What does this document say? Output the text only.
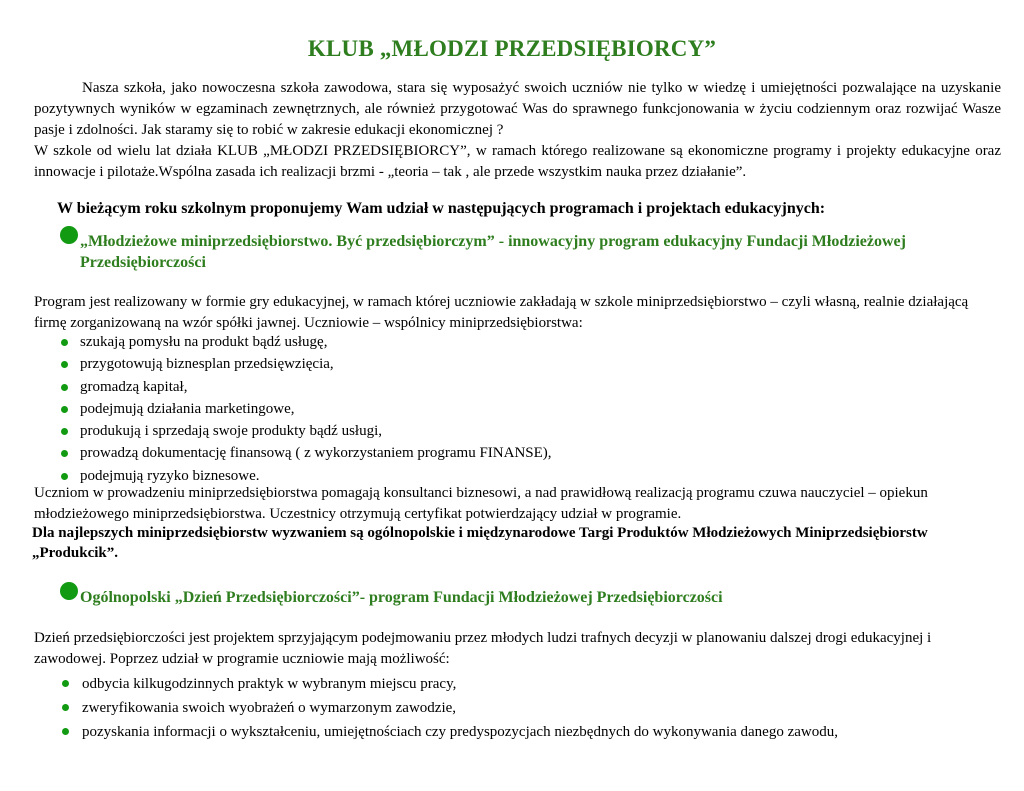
KLUB „MŁODZI PRZEDSIĘBIORCY”

Nasza szkoła, jako nowoczesna szkoła zawodowa, stara się wyposażyć swoich uczniów nie tylko w wiedzę i umiejętności pozwalające na uzyskanie pozytywnych wyników w egzaminach zewnętrznych, ale również przygotować Was do sprawnego funkcjonowania w życiu codziennym oraz rozwijać Wasze pasje i zdolności. Jak staramy się to robić w zakresie edukacji ekonomicznej ?

W szkole od wielu lat działa KLUB „MŁODZI PRZEDSIĘBIORCY”, w ramach którego realizowane są ekonomiczne programy i projekty edukacyjne oraz innowacje i pilotaże.Wspólna zasada ich realizacji brzmi - „teoria – tak , ale przede wszystkim nauka przez działanie”.

W bieżącym roku szkolnym proponujemy Wam udział w następujących programach i projektach edukacyjnych:
„Młodzieżowe miniprzedsiębiorstwo. Być przedsiębiorczym” - innowacyjny program edukacyjny Fundacji Młodzieżowej Przedsiębiorczości

Program jest realizowany w formie gry edukacyjnej, w ramach której uczniowie zakładają w szkole miniprzedsiębiorstwo – czyli własną, realnie działającą firmę zorganizowaną na wzór spółki jawnej. Uczniowie – wspólnicy miniprzedsiębiorstwa:

szukają pomysłu na produkt bądź usługę,
przygotowują biznesplan przedsięwzięcia,
gromadzą kapitał,
podejmują działania marketingowe,
produkują i sprzedają swoje produkty bądź usługi,
prowadzą dokumentację finansową ( z wykorzystaniem programu FINANSE),
podejmują ryzyko biznesowe.

Uczniom w prowadzeniu miniprzedsiębiorstwa pomagają konsultanci biznesowi, a nad prawidłową realizacją programu czuwa nauczyciel – opiekun młodzieżowego miniprzedsiębiorstwa. Uczestnicy otrzymują certyfikat potwierdzający udział w programie.

Dla najlepszych miniprzedsiębiorstw wyzwaniem są ogólnopolskie i międzynarodowe Targi Produktów Młodzieżowych Miniprzedsiębiorstw „Produkcik”.
Ogólnopolski „Dzień Przedsiębiorczości”- program Fundacji Młodzieżowej Przedsiębiorczości

Dzień przedsiębiorczości jest projektem sprzyjającym podejmowaniu przez młodych ludzi trafnych decyzji w planowaniu dalszej drogi edukacyjnej i zawodowej. Poprzez udział w programie uczniowie mają możliwość:

odbycia kilkugodzinnych praktyk w wybranym miejscu pracy,
zweryfikowania swoich wyobrażeń o wymarzonym zawodzie,
pozyskania informacji o wykształceniu, umiejętnościach czy predyspozycjach niezbędnych do wykonywania danego zawodu,
